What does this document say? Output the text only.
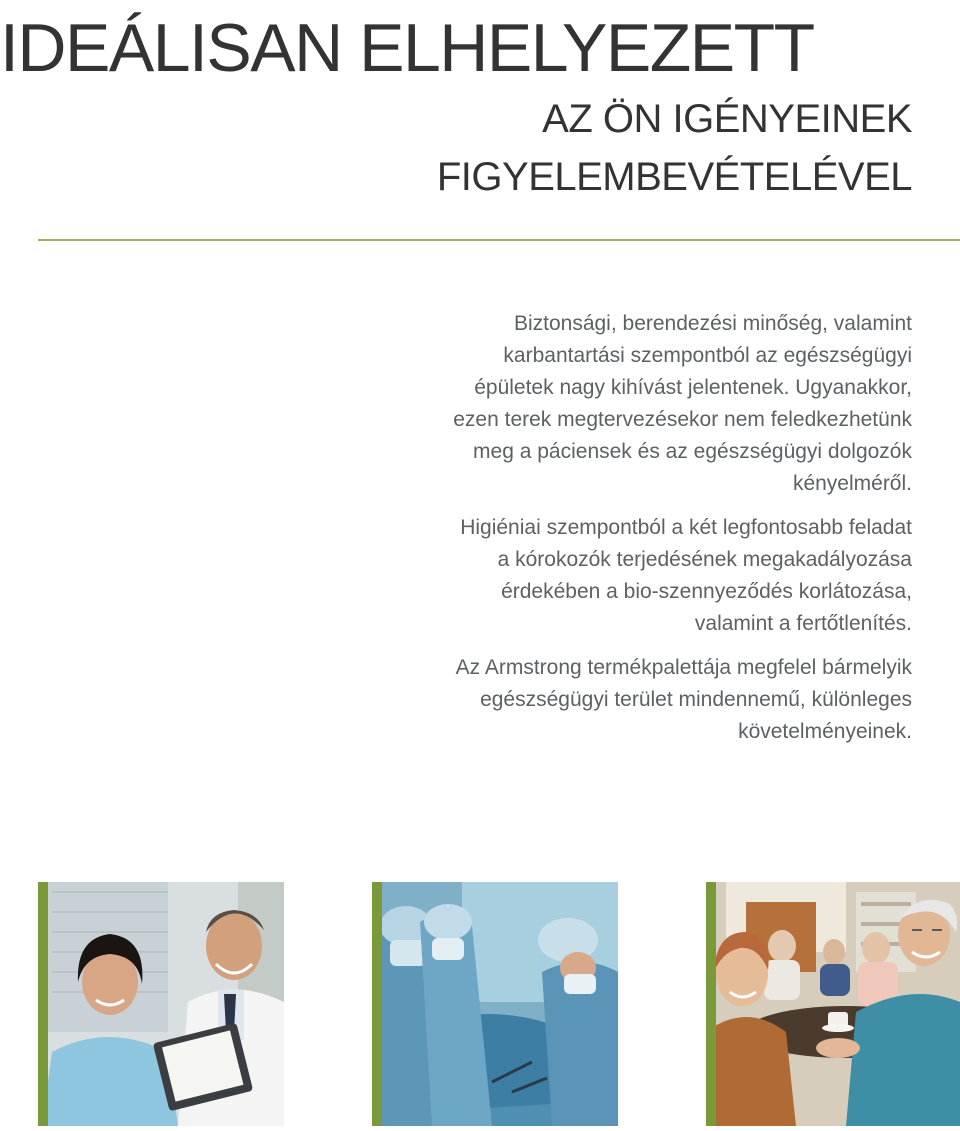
IDEÁLISAN ELHELYEZETT
AZ ÖN IGÉNYEINEK
FIGYELEMBEVÉTELÉVEL

Biztonsági, berendezési minőség, valamint
karbantartási szempontból az egészségügyi
épületek nagy kihívást jelentenek. Ugyanakkor,
ezen terek megtervezésekor nem feledkezhetünk
meg a páciensek és az egészségügyi dolgozók
kényelméről.

Higiéniai szempontból a két legfontosabb feladat
a kórokozók terjedésének megakadályozása
érdekében a bio-szennyeződés korlátozása,
valamint a fertőtlenítés.

Az Armstrong termékpalettája megfelel bármelyik
egészségügyi terület mindennemű, különleges
követelményeinek.
